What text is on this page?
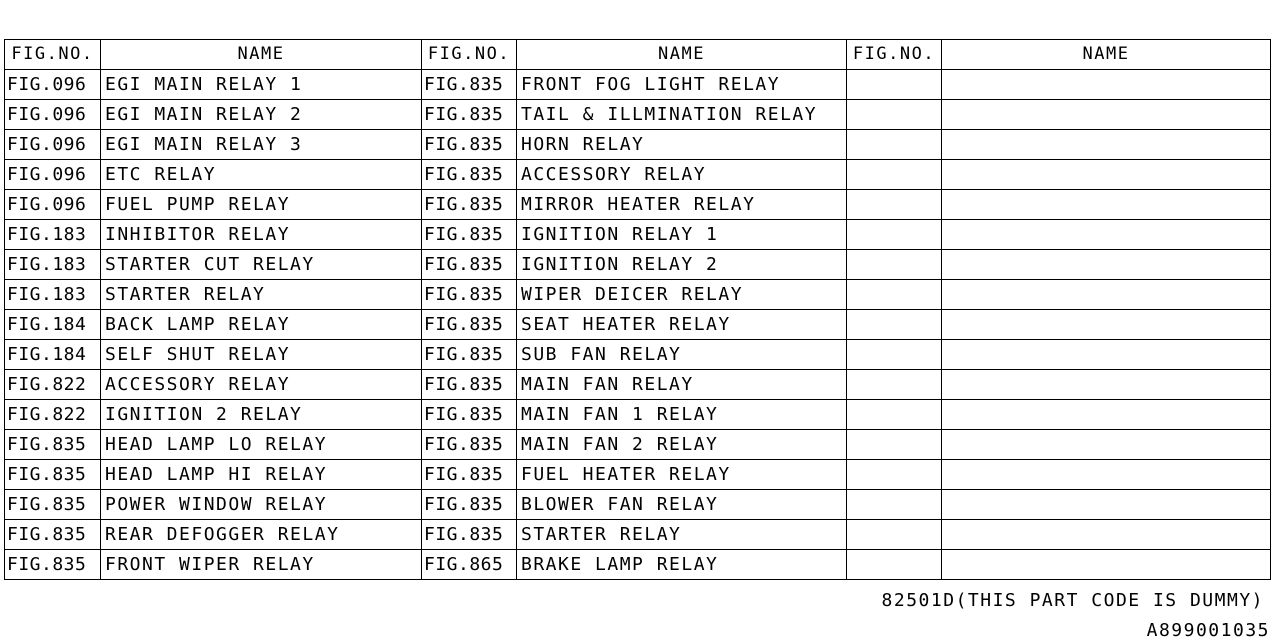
FIG.NO.	NAME	FIG.NO.	NAME	FIG.NO.	NAME
FIG.096	EGI MAIN RELAY 1	FIG.835	FRONT FOG LIGHT RELAY		
FIG.096	EGI MAIN RELAY 2	FIG.835	TAIL & ILLMINATION RELAY		
FIG.096	EGI MAIN RELAY 3	FIG.835	HORN RELAY		
FIG.096	ETC RELAY	FIG.835	ACCESSORY RELAY		
FIG.096	FUEL PUMP RELAY	FIG.835	MIRROR HEATER RELAY		
FIG.183	INHIBITOR RELAY	FIG.835	IGNITION RELAY 1		
FIG.183	STARTER CUT RELAY	FIG.835	IGNITION RELAY 2		
FIG.183	STARTER RELAY	FIG.835	WIPER DEICER RELAY		
FIG.184	BACK LAMP RELAY	FIG.835	SEAT HEATER RELAY		
FIG.184	SELF SHUT RELAY	FIG.835	SUB FAN RELAY		
FIG.822	ACCESSORY RELAY	FIG.835	MAIN FAN RELAY		
FIG.822	IGNITION 2 RELAY	FIG.835	MAIN FAN 1 RELAY		
FIG.835	HEAD LAMP LO RELAY	FIG.835	MAIN FAN 2 RELAY		
FIG.835	HEAD LAMP HI RELAY	FIG.835	FUEL HEATER RELAY		
FIG.835	POWER WINDOW RELAY	FIG.835	BLOWER FAN RELAY		
FIG.835	REAR DEFOGGER RELAY	FIG.835	STARTER RELAY		
FIG.835	FRONT WIPER RELAY	FIG.865	BRAKE LAMP RELAY		
82501D(THIS PART CODE IS DUMMY)
A899001035
